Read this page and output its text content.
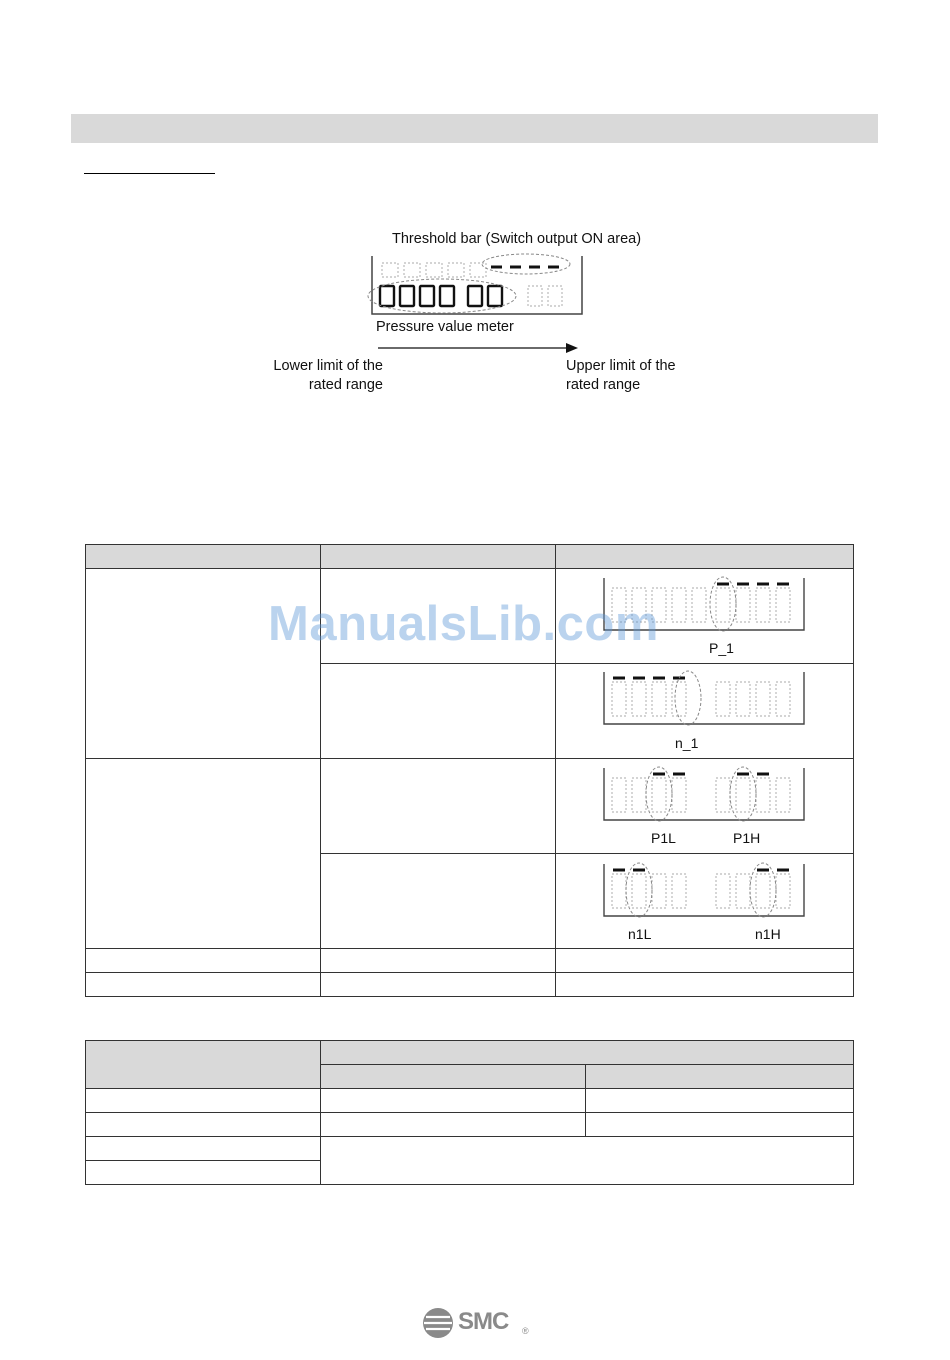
Threshold bar (Switch output ON area)
Pressure value meter
Lower limit of the
rated range
Upper limit of the
rated range

P_1
n_1
P1L	P1H
n1L	n1H
ManualsLib.com

SMC ®
